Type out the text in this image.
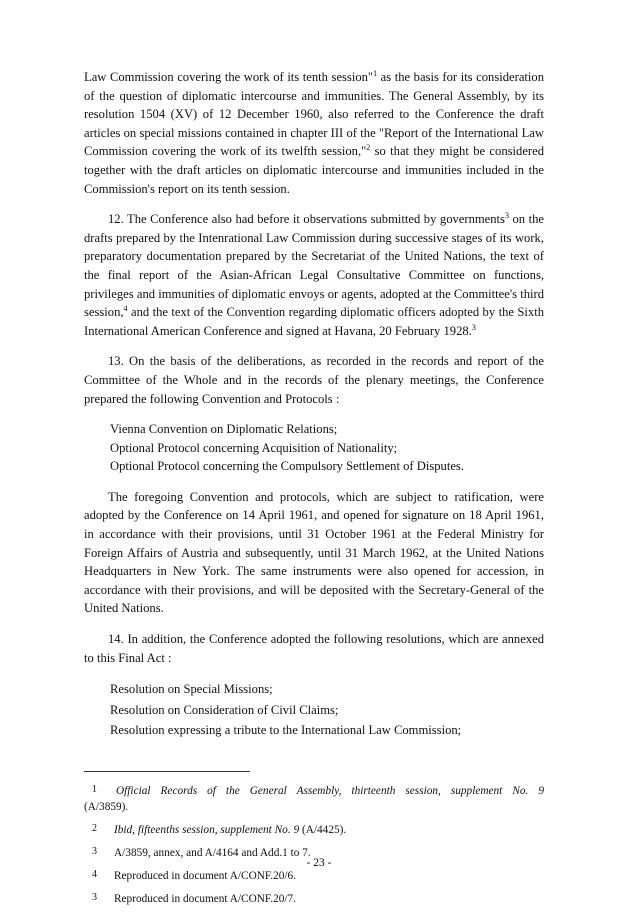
Law Commission covering the work of its tenth session"$^1$ as the basis for its consideration of the question of diplomatic intercourse and immunities. The General Assembly, by its resolution 1504 (XV) of 12 December 1960, also referred to the Conference the draft articles on special missions contained in chapter III of the "Report of the International Law Commission covering the work of its twelfth session,"$^2$ so that they might be considered together with the draft articles on diplomatic intercourse and immunities included in the Commission's report on its tenth session.

12. The Conference also had before it observations submitted by governments$^3$ on the drafts prepared by the Intenrational Law Commission during successive stages of its work, preparatory documentation prepared by the Secretariat of the United Nations, the text of the final report of the Asian-African Legal Consultative Committee on functions, privileges and immunities of diplomatic envoys or agents, adopted at the Committee's third session,$^4$ and the text of the Convention regarding diplomatic officers adopted by the Sixth International American Conference and signed at Havana, 20 February 1928.$^3$

13. On the basis of the deliberations, as recorded in the records and report of the Committee of the Whole and in the records of the plenary meetings, the Conference prepared the following Convention and Protocols :

Vienna Convention on Diplomatic Relations;
Optional Protocol concerning Acquisition of Nationality;
Optional Protocol concerning the Compulsory Settlement of Disputes.

The foregoing Convention and protocols, which are subject to ratification, were adopted by the Conference on 14 April 1961, and opened for signature on 18 April 1961, in accordance with their provisions, until 31 October 1961 at the Federal Ministry for Foreign Affairs of Austria and subsequently, until 31 March 1962, at the United Nations Headquarters in New York. The same instruments were also opened for accession, in accordance with their provisions, and will be deposited with the Secretary-General of the United Nations.

14. In addition, the Conference adopted the following resolutions, which are annexed to this Final Act :

Resolution on Special Missions;
Resolution on Consideration of Civil Claims;
Resolution expressing a tribute to the International Law Commission;

1 Official Records of the General Assembly, thirteenth session, supplement No. 9 (A/3859).

2 Ibid, fifteenths session, supplement No. 9 (A/4425).

3 A/3859, annex, and A/4164 and Add.1 to 7.

4 Reproduced in document A/CONF.20/6.

3 Reproduced in document A/CONF.20/7.

- 23 -
